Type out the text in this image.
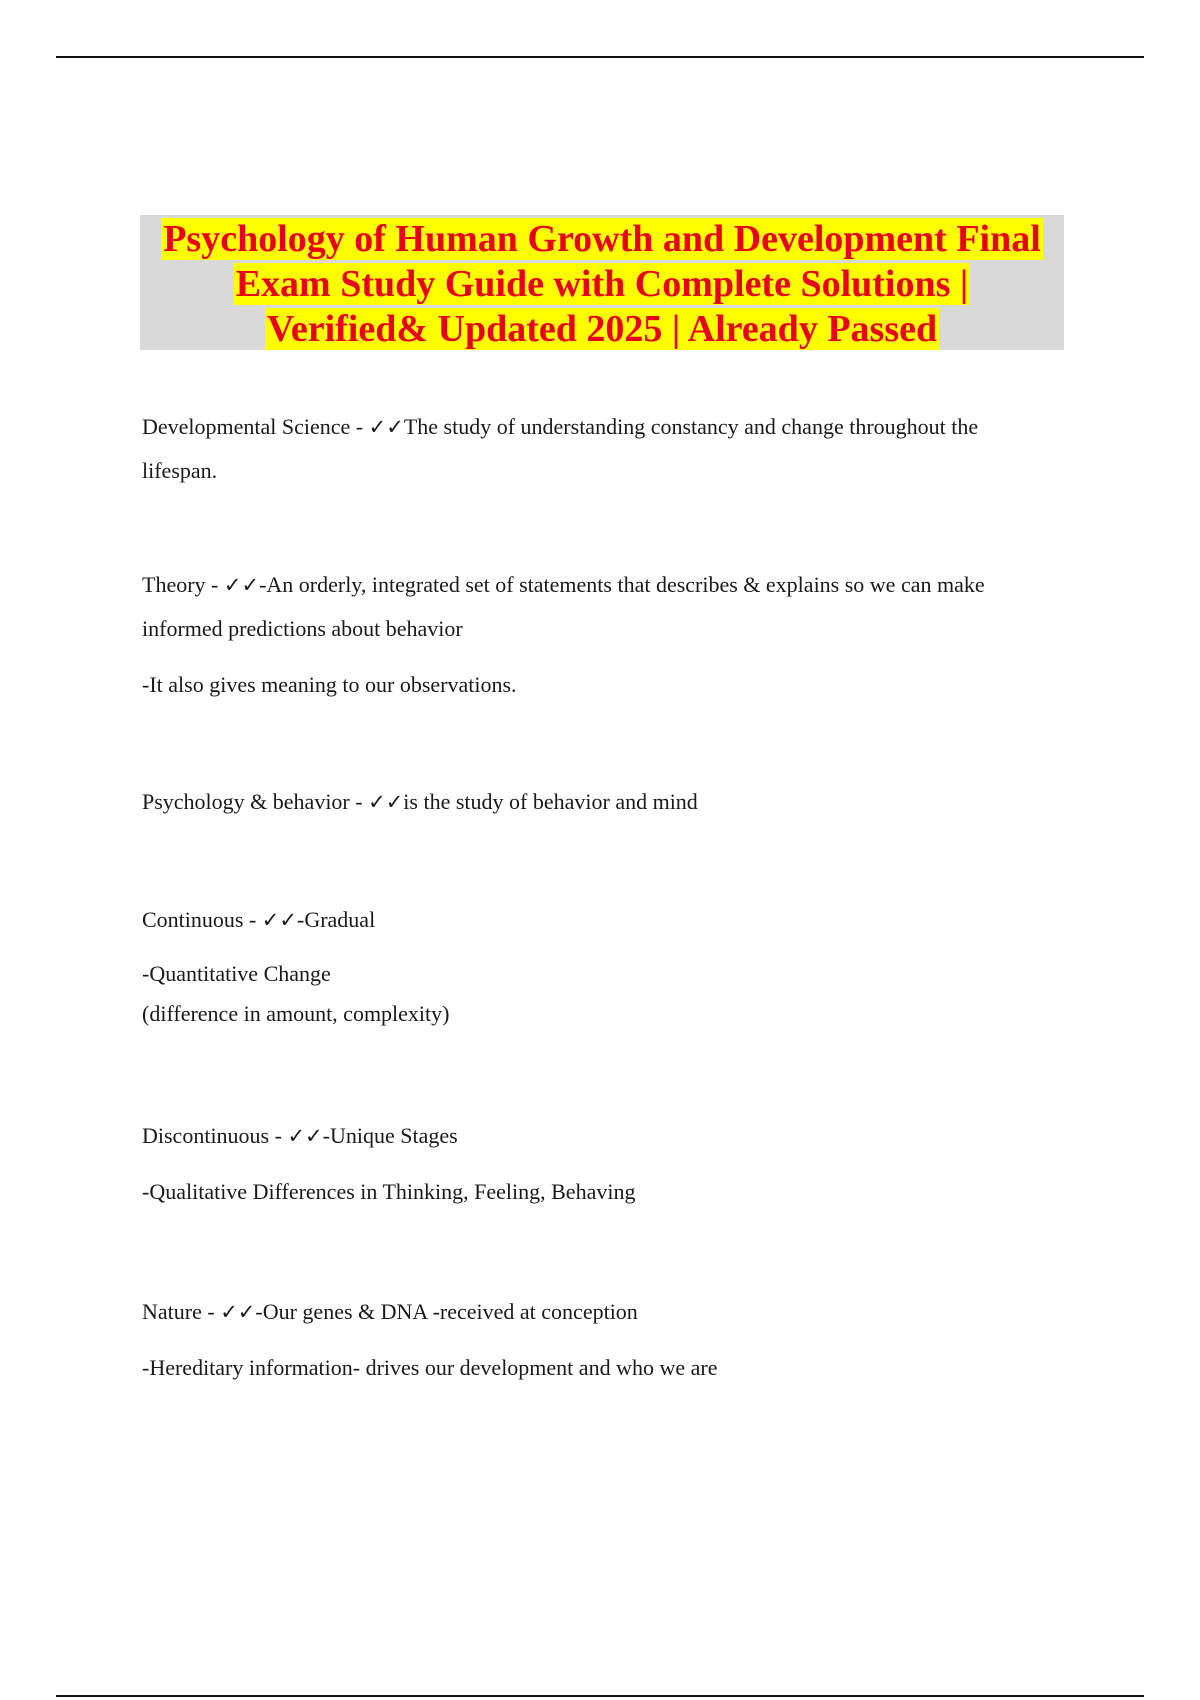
Psychology of Human Growth and Development Final
Exam Study Guide with Complete Solutions |
Verified& Updated 2025 | Already Passed

Developmental Science - ✓✓The study of understanding constancy and change throughout the

lifespan.

Theory - ✓✓-An orderly, integrated set of statements that describes & explains so we can make

informed predictions about behavior

-It also gives meaning to our observations.

Psychology & behavior - ✓✓is the study of behavior and mind

Continuous - ✓✓-Gradual

-Quantitative Change

(difference in amount, complexity)

Discontinuous - ✓✓-Unique Stages

-Qualitative Differences in Thinking, Feeling, Behaving

Nature - ✓✓-Our genes & DNA -received at conception

-Hereditary information- drives our development and who we are
